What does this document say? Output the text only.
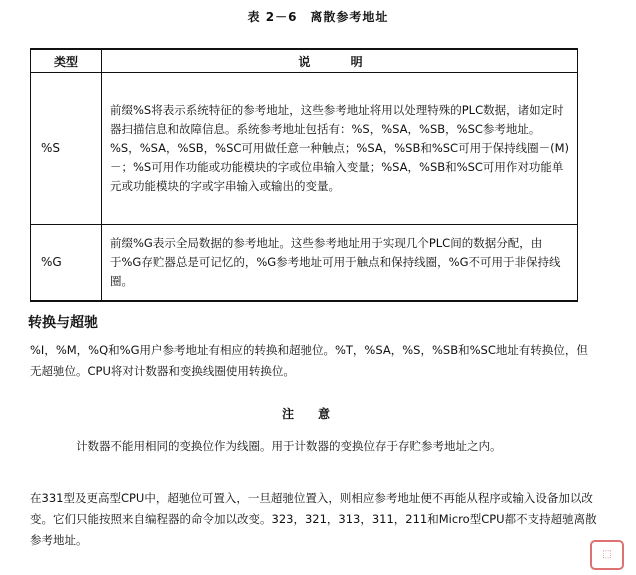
表 2－6　离散参考地址
类型	说 明
%S	前缀%S将表示系统特征的参考地址，这些参考地址将用以处理特殊的PLC数据，诸如定时器扫描信息和故障信息。系统参考地址包括有：%S，%SA，%SB，%SC参考地址。%S，%SA，%SB，%SC可用做任意一种触点；%SA，%SB和%SC可用于保持线圈－(M)－；%S可用作功能或功能模块的字或位串输入变量；%SA，%SB和%SC可用作对功能单元或功能模块的字或字串输入或输出的变量。
%G	前缀%G表示全局数据的参考地址。这些参考地址用于实现几个PLC间的数据分配，由于%G存贮器总是可记忆的，%G参考地址可用于触点和保持线圈，%G不可用于非保持线圈。
转换与超驰
%I，%M，%Q和%G用户参考地址有相应的转换和超驰位。%T，%SA，%S，%SB和%SC地址有转换位，但无超驰位。CPU将对计数器和变换线圈使用转换位。
注意
计数器不能用相同的变换位作为线圈。用于计数器的变换位存于存贮参考地址之内。
在331型及更高型CPU中，超驰位可置入，一旦超驰位置入，则相应参考地址便不再能从程序或输入设备加以改变。它们只能按照来自编程器的命令加以改变。323，321，313，311，211和Micro型CPU都不支持超驰离散参考地址。
⬚
